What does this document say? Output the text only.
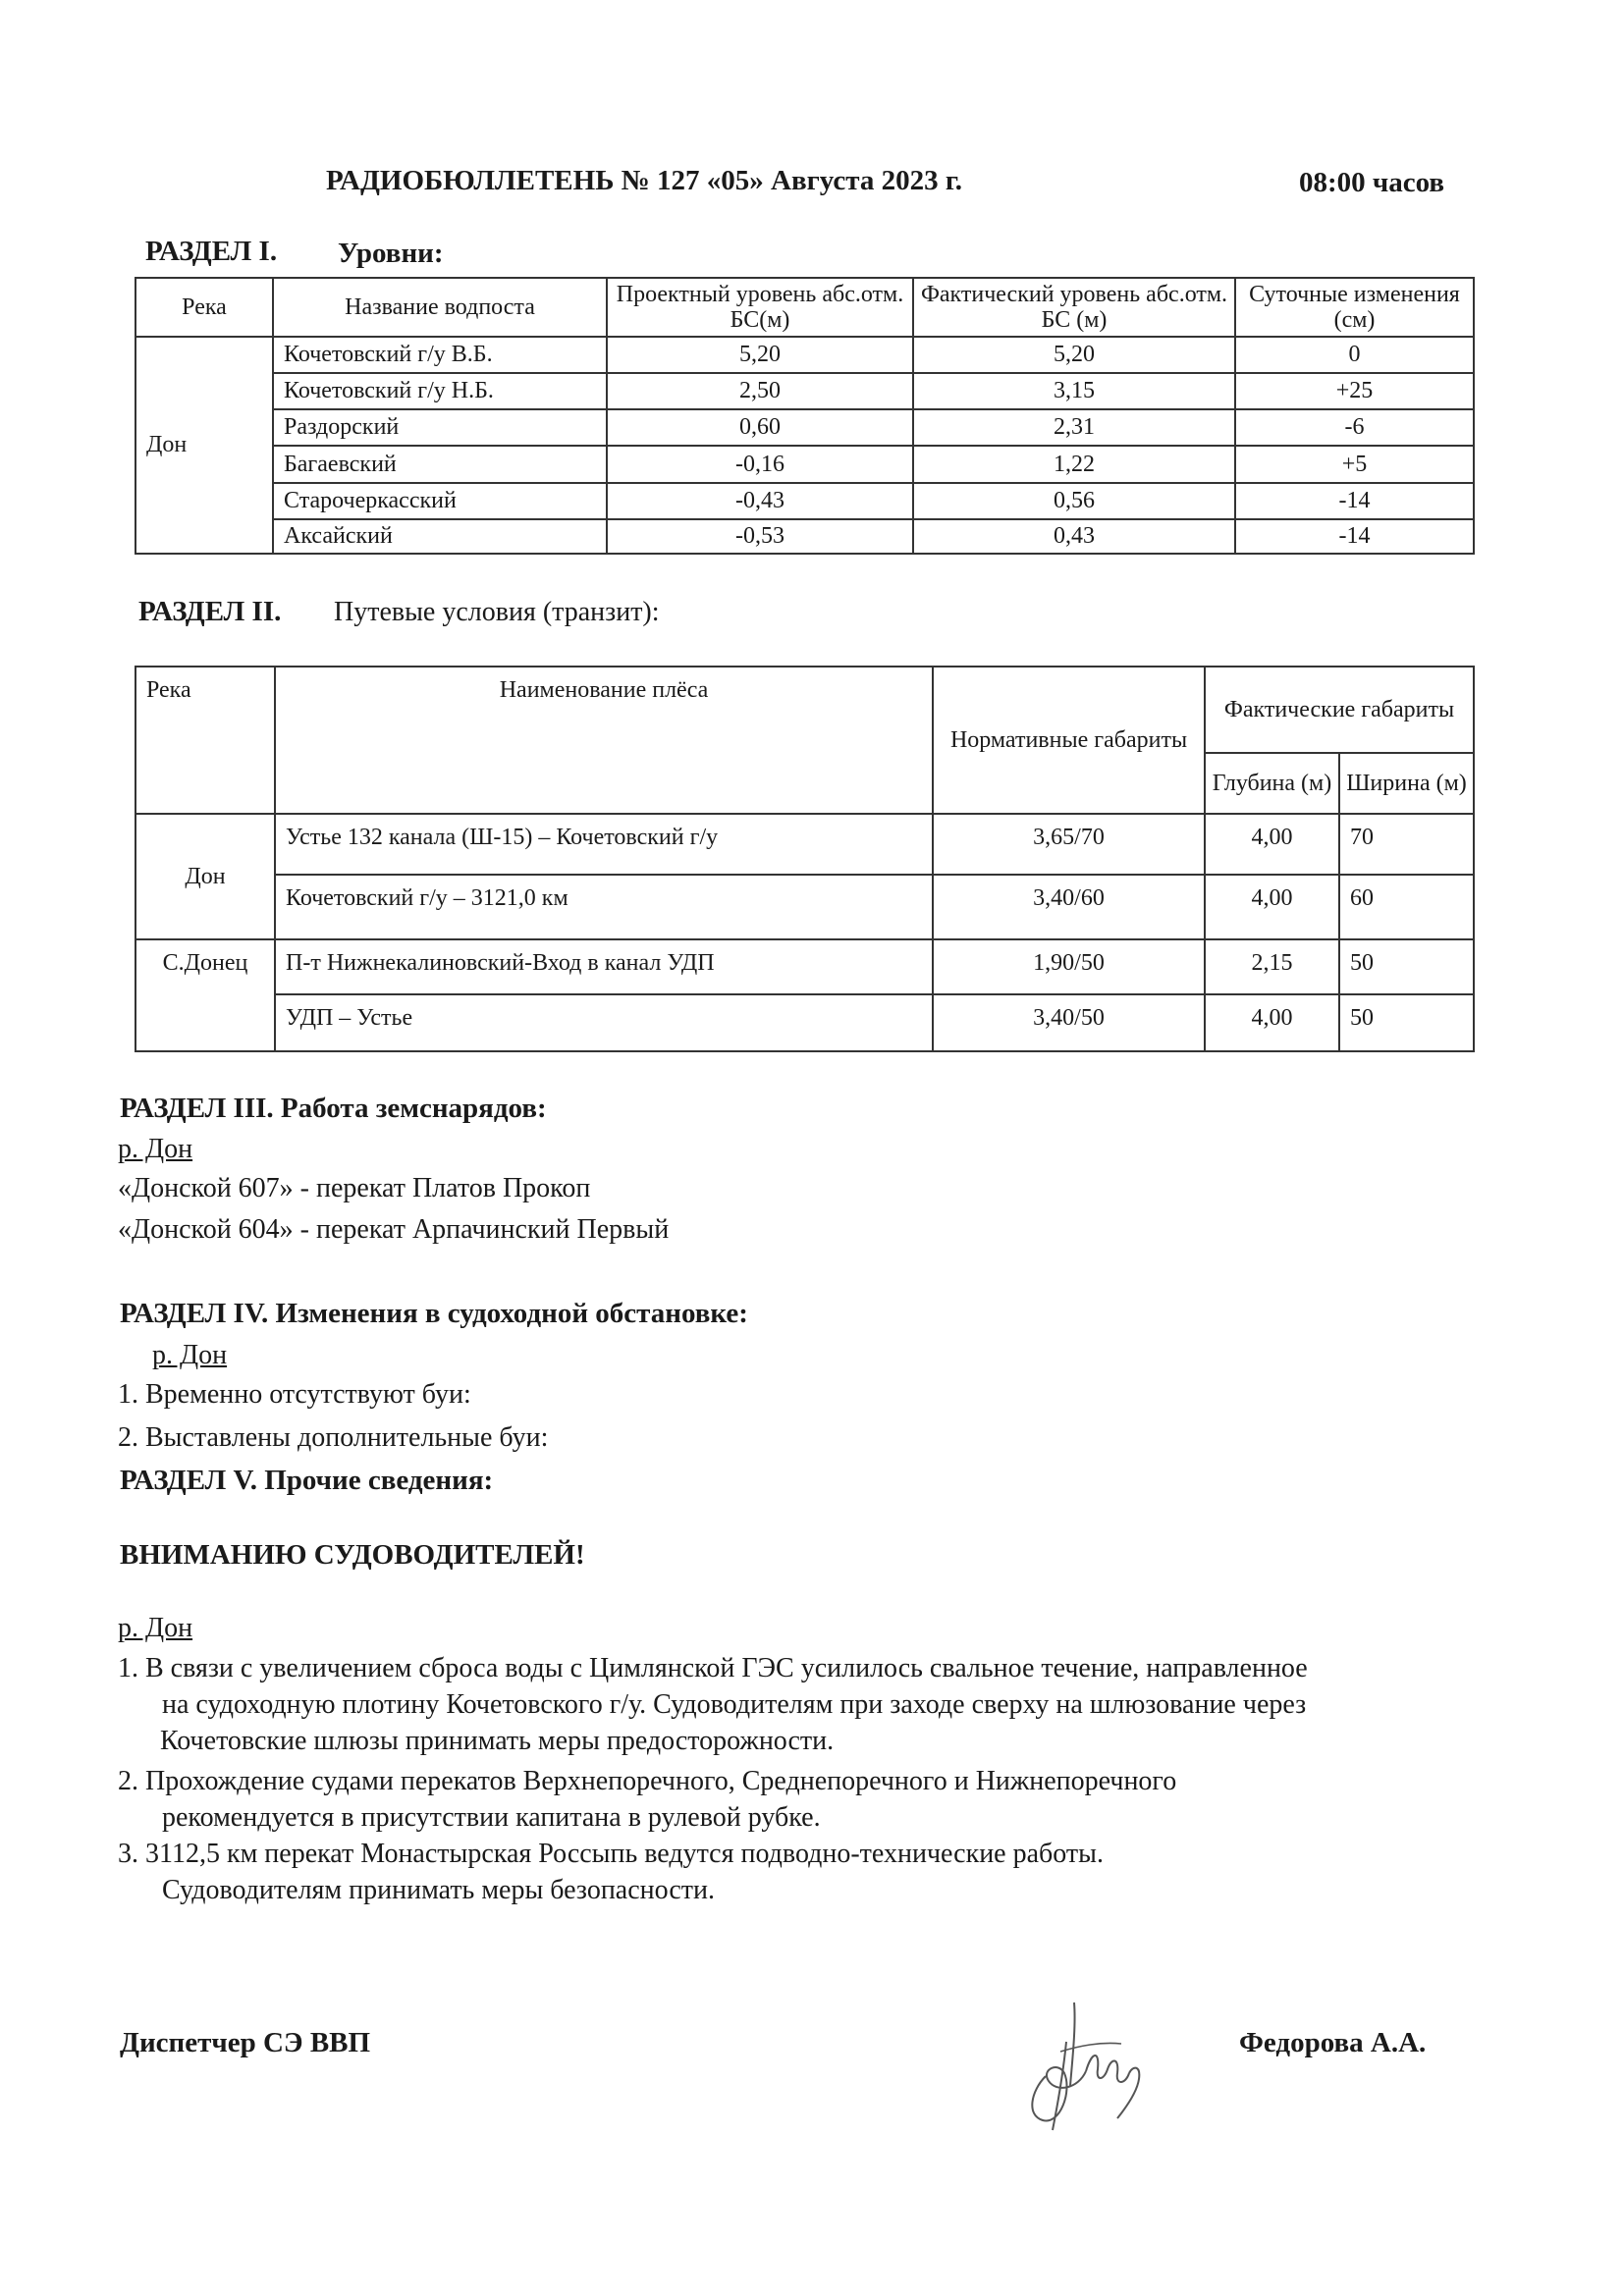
РАДИОБЮЛЛЕТЕНЬ № 127 «05» Августа 2023 г.	08:00 часов
РАЗДЕЛ I. Уровни:
Река	Название водпоста	Проектный уровень абс.отм. БС(м)	Фактический уровень абс.отм. БС (м)	Суточные изменения (см)
Дон	Кочетовский г/у В.Б.	5,20	5,20	0
	Кочетовский г/у Н.Б.	2,50	3,15	+25
	Раздорский	0,60	2,31	-6
	Багаевский	-0,16	1,22	+5
	Старочеркасский	-0,43	0,56	-14
	Аксайский	-0,53	0,43	-14
РАЗДЕЛ II. Путевые условия (транзит):
Река	Наименование плёса	Нормативные габариты	Фактические габариты	
			Глубина (м)	Ширина (м)
Дон	Устье 132 канала (Ш-15) – Кочетовский г/у	3,65/70	4,00	70
	Кочетовский г/у – 3121,0 км	3,40/60	4,00	60
С.Донец	П-т Нижнекалиновский-Вход в канал УДП	1,90/50	2,15	50
	УДП – Устье	3,40/50	4,00	50
РАЗДЕЛ III. Работа земснарядов:
р. Дон
«Донской 607» - перекат Платов Прокоп
«Донской 604» - перекат Арпачинский Первый
РАЗДЕЛ IV. Изменения в судоходной обстановке:
р. Дон
1. Временно отсутствуют буи:
2. Выставлены дополнительные буи:
РАЗДЕЛ V. Прочие сведения:
ВНИМАНИЮ СУДОВОДИТЕЛЕЙ!
р. Дон
1. В связи с увеличением сброса воды с Цимлянской ГЭС усилилось свальное течение, направленное
на судоходную плотину Кочетовского г/у. Судоводителям при заходе сверху на шлюзование через
Кочетовские шлюзы принимать меры предосторожности.
2. Прохождение судами перекатов Верхнепоречного, Среднепоречного и Нижнепоречного
рекомендуется в присутствии капитана в рулевой рубке.
3. 3112,5 км перекат Монастырская Россыпь ведутся подводно-технические работы.
Судоводителям принимать меры безопасности.
Диспетчер СЭ ВВП	Федорова А.А.
